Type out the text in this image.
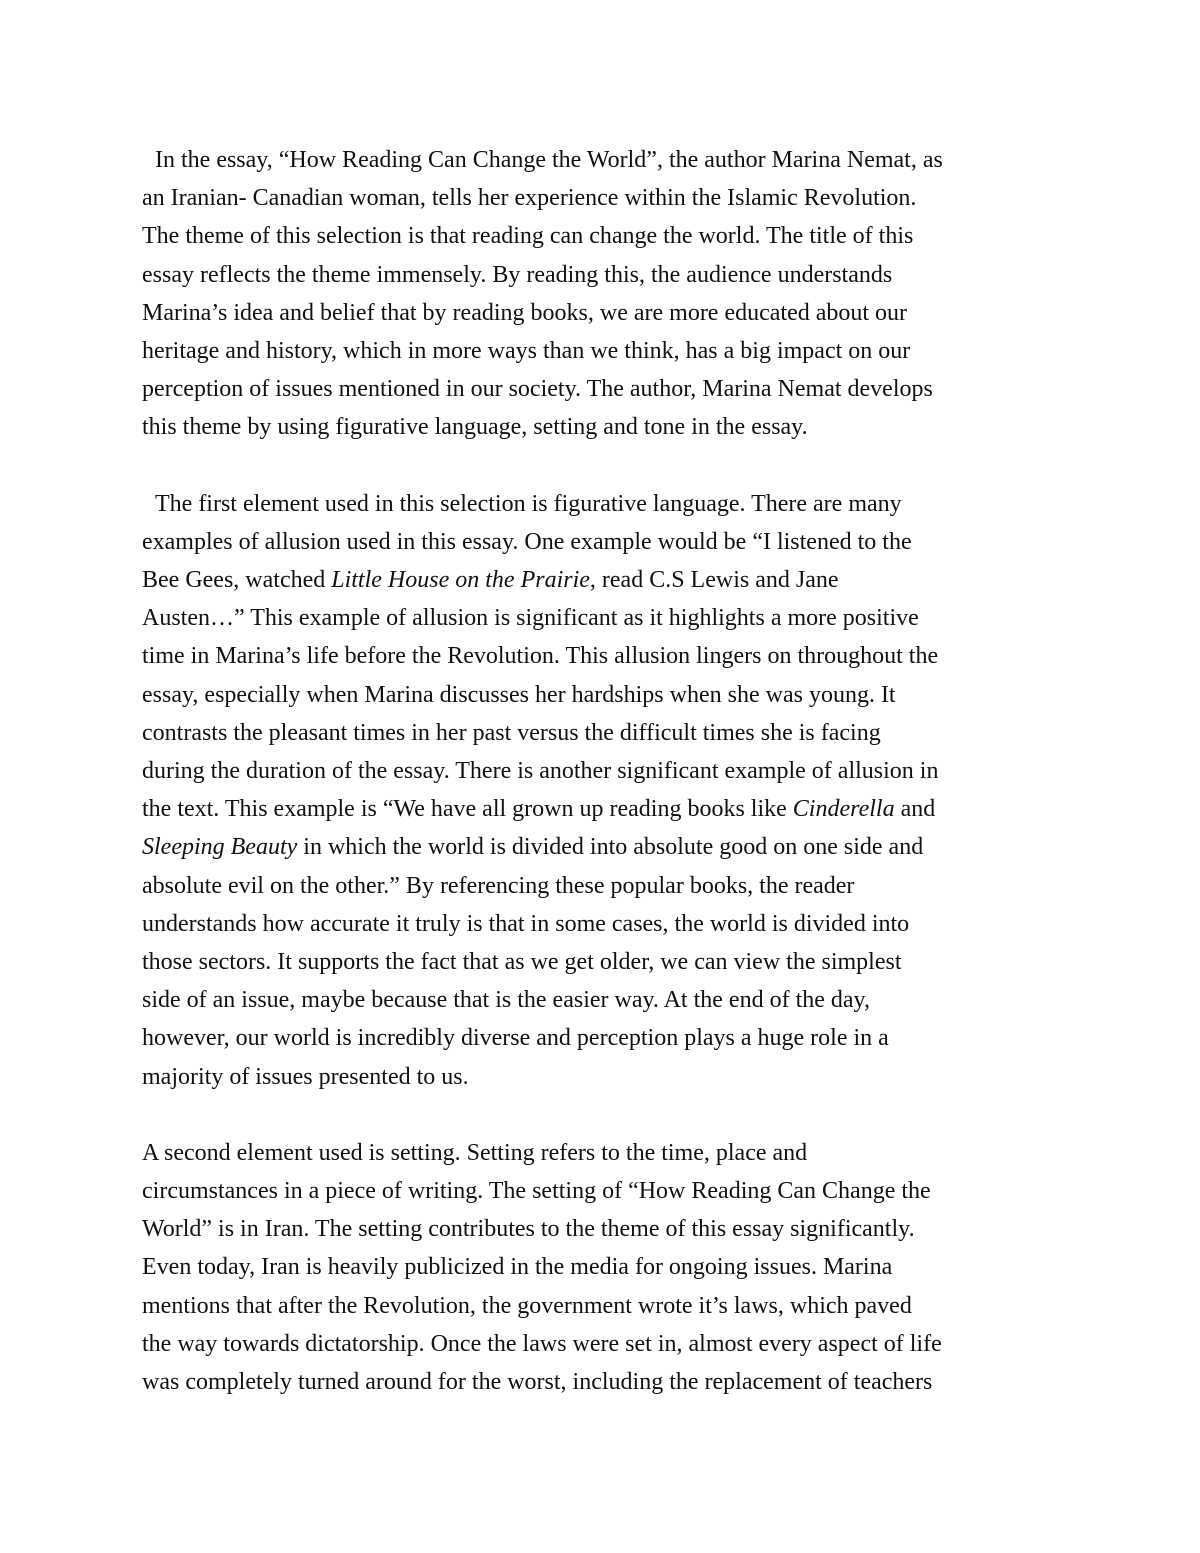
In the essay, “How Reading Can Change the World”, the author Marina Nemat, as
an Iranian- Canadian woman, tells her experience within the Islamic Revolution.
The theme of this selection is that reading can change the world. The title of this
essay reflects the theme immensely. By reading this, the audience understands
Marina’s idea and belief that by reading books, we are more educated about our
heritage and history, which in more ways than we think, has a big impact on our
perception of issues mentioned in our society. The author, Marina Nemat develops
this theme by using figurative language, setting and tone in the essay.
The first element used in this selection is figurative language. There are many
examples of allusion used in this essay. One example would be “I listened to the
Bee Gees, watched Little House on the Prairie, read C.S Lewis and Jane
Austen…” This example of allusion is significant as it highlights a more positive
time in Marina’s life before the Revolution. This allusion lingers on throughout the
essay, especially when Marina discusses her hardships when she was young. It
contrasts the pleasant times in her past versus the difficult times she is facing
during the duration of the essay. There is another significant example of allusion in
the text. This example is “We have all grown up reading books like Cinderella and
Sleeping Beauty in which the world is divided into absolute good on one side and
absolute evil on the other.” By referencing these popular books, the reader
understands how accurate it truly is that in some cases, the world is divided into
those sectors. It supports the fact that as we get older, we can view the simplest
side of an issue, maybe because that is the easier way. At the end of the day,
however, our world is incredibly diverse and perception plays a huge role in a
majority of issues presented to us.
A second element used is setting. Setting refers to the time, place and
circumstances in a piece of writing. The setting of “How Reading Can Change the
World” is in Iran. The setting contributes to the theme of this essay significantly.
Even today, Iran is heavily publicized in the media for ongoing issues. Marina
mentions that after the Revolution, the government wrote it’s laws, which paved
the way towards dictatorship. Once the laws were set in, almost every aspect of life
was completely turned around for the worst, including the replacement of teachers
